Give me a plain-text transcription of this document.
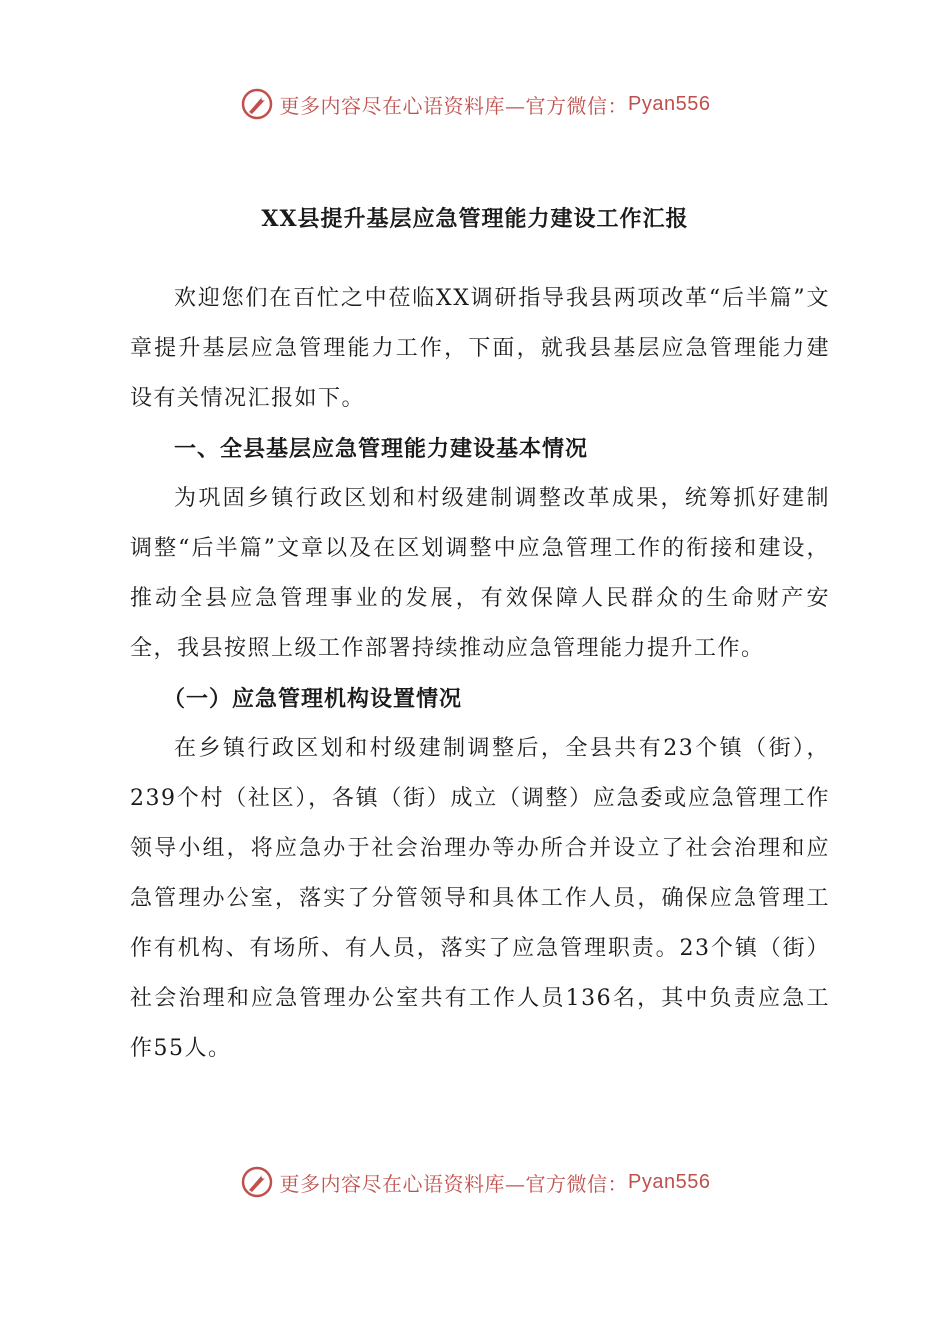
更多内容尽在心语资料库—官方微信： Pyan556
XX县提升基层应急管理能力建设工作汇报

欢迎您们在百忙之中莅临XX调研指导我县两项改革“后半篇”文章提升基层应急管理能力工作，下面，就我县基层应急管理能力建设有关情况汇报如下。

一、全县基层应急管理能力建设基本情况

为巩固乡镇行政区划和村级建制调整改革成果，统筹抓好建制调整“后半篇”文章以及在区划调整中应急管理工作的衔接和建设，推动全县应急管理事业的发展，有效保障人民群众的生命财产安全，我县按照上级工作部署持续推动应急管理能力提升工作。

（一）应急管理机构设置情况

在乡镇行政区划和村级建制调整后，全县共有23个镇（街），239个村（社区），各镇（街）成立（调整）应急委或应急管理工作领导小组，将应急办于社会治理办等办所合并设立了社会治理和应急管理办公室，落实了分管领导和具体工作人员，确保应急管理工作有机构、有场所、有人员，落实了应急管理职责。23个镇（街）社会治理和应急管理办公室共有工作人员136名，其中负责应急工作55人。

更多内容尽在心语资料库—官方微信： Pyan556
